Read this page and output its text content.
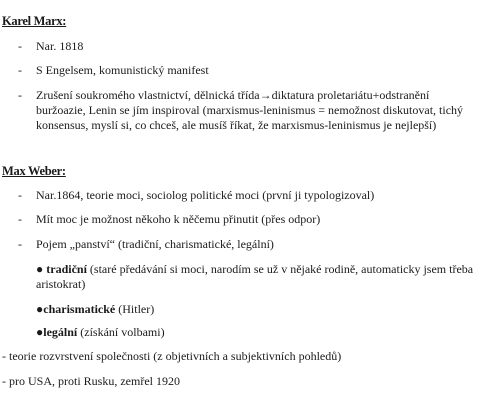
Karel Marx:
- Nar. 1818
- S Engelsem, komunistický manifest
- Zrušení soukromého vlastnictví, dělnická třída→diktatura proletariátu+odstranění buržoazie, Lenin se jím inspiroval (marxismus-leninismus = nemožnost diskutovat, tichý konsensus, myslí si, co chceš, ale musíš říkat, že marxismus-leninismus je nejlepší)
Max Weber:
- Nar.1864, teorie moci, sociolog politické moci (první ji typologizoval)
- Mít moc je možnost někoho k něčemu přinutit (přes odpor)
- Pojem „panství“ (tradiční, charismatické, legální)
● tradiční (staré předávání si moci, narodím se už v nějaké rodině, automaticky jsem třeba aristokrat)
●charismatické (Hitler)
●legální (získání volbami)
- teorie rozvrstvení společnosti (z objetivních a subjektivních pohledů)
- pro USA, proti Rusku, zemřel 1920
